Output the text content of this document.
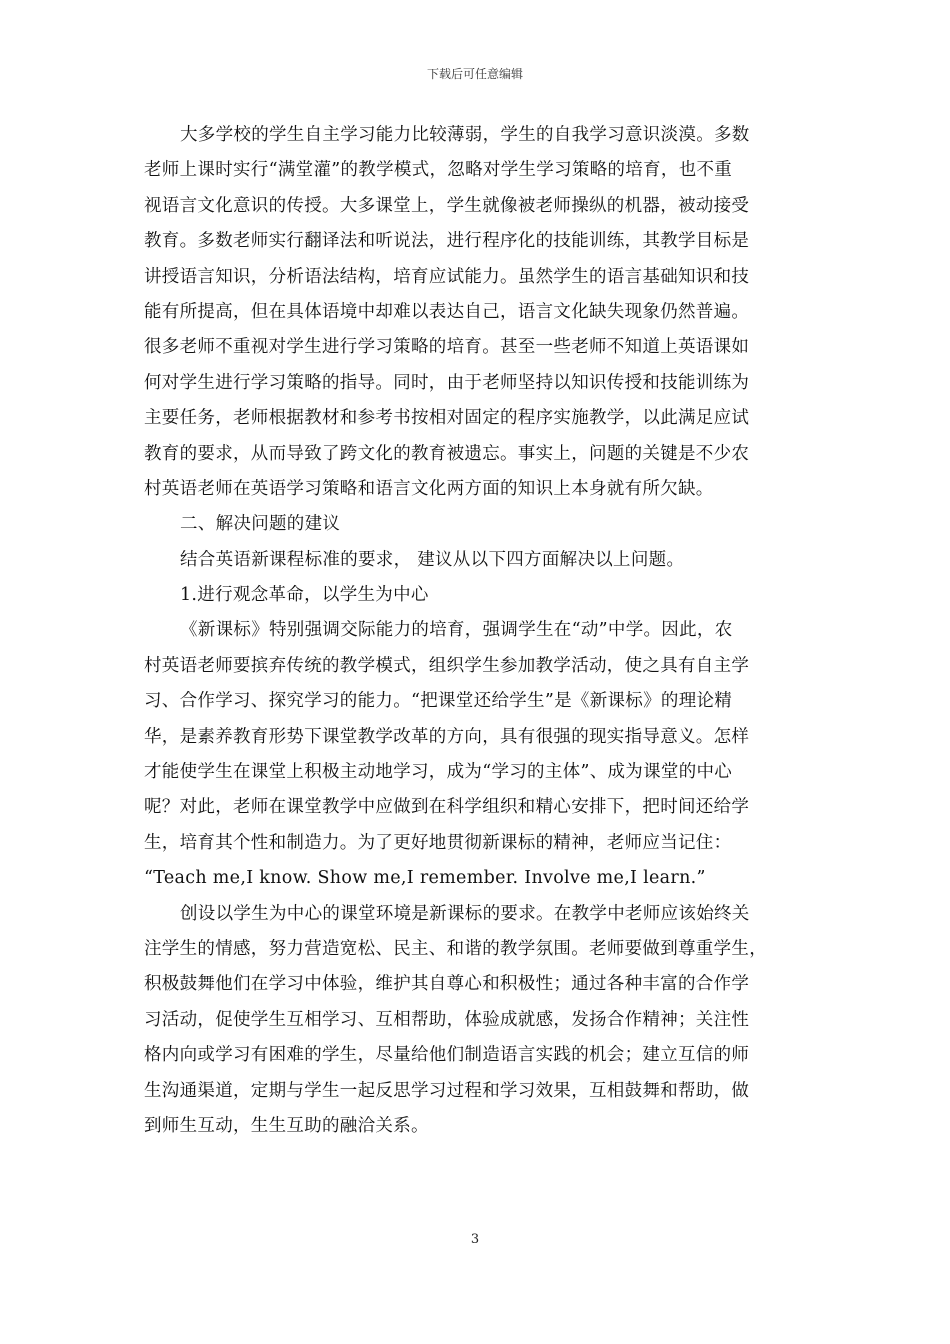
下载后可任意编辑
大多学校的学生自主学习能力比较薄弱，学生的自我学习意识淡漠。多数
老师上课时实行“满堂灌”的教学模式，忽略对学生学习策略的培育，也不重
视语言文化意识的传授。大多课堂上，学生就像被老师操纵的机器，被动接受
教育。多数老师实行翻译法和听说法，进行程序化的技能训练，其教学目标是
讲授语言知识，分析语法结构，培育应试能力。虽然学生的语言基础知识和技
能有所提高，但在具体语境中却难以表达自己，语言文化缺失现象仍然普遍。
很多老师不重视对学生进行学习策略的培育。甚至一些老师不知道上英语课如
何对学生进行学习策略的指导。同时，由于老师坚持以知识传授和技能训练为
主要任务，老师根据教材和参考书按相对固定的程序实施教学，以此满足应试
教育的要求，从而导致了跨文化的教育被遗忘。事实上，问题的关键是不少农
村英语老师在英语学习策略和语言文化两方面的知识上本身就有所欠缺。
二、解决问题的建议
结合英语新课程标准的要求， 建议从以下四方面解决以上问题。
1.进行观念革命，以学生为中心
《新课标》特别强调交际能力的培育，强调学生在“动”中学。因此，农
村英语老师要摈弃传统的教学模式，组织学生参加教学活动，使之具有自主学
习、合作学习、探究学习的能力。“把课堂还给学生”是《新课标》的理论精
华，是素养教育形势下课堂教学改革的方向，具有很强的现实指导意义。怎样
才能使学生在课堂上积极主动地学习，成为“学习的主体”、成为课堂的中心
呢？对此，老师在课堂教学中应做到在科学组织和精心安排下，把时间还给学
生，培育其个性和制造力。为了更好地贯彻新课标的精神，老师应当记住：
“Teach me,I know. Show me,I remember. Involve me,I learn.”
创设以学生为中心的课堂环境是新课标的要求。在教学中老师应该始终关
注学生的情感，努力营造宽松、民主、和谐的教学氛围。老师要做到尊重学生，
积极鼓舞他们在学习中体验，维护其自尊心和积极性；通过各种丰富的合作学
习活动，促使学生互相学习、互相帮助，体验成就感，发扬合作精神；关注性
格内向或学习有困难的学生，尽量给他们制造语言实践的机会；建立互信的师
生沟通渠道，定期与学生一起反思学习过程和学习效果，互相鼓舞和帮助，做
到师生互动，生生互助的融洽关系。
3
